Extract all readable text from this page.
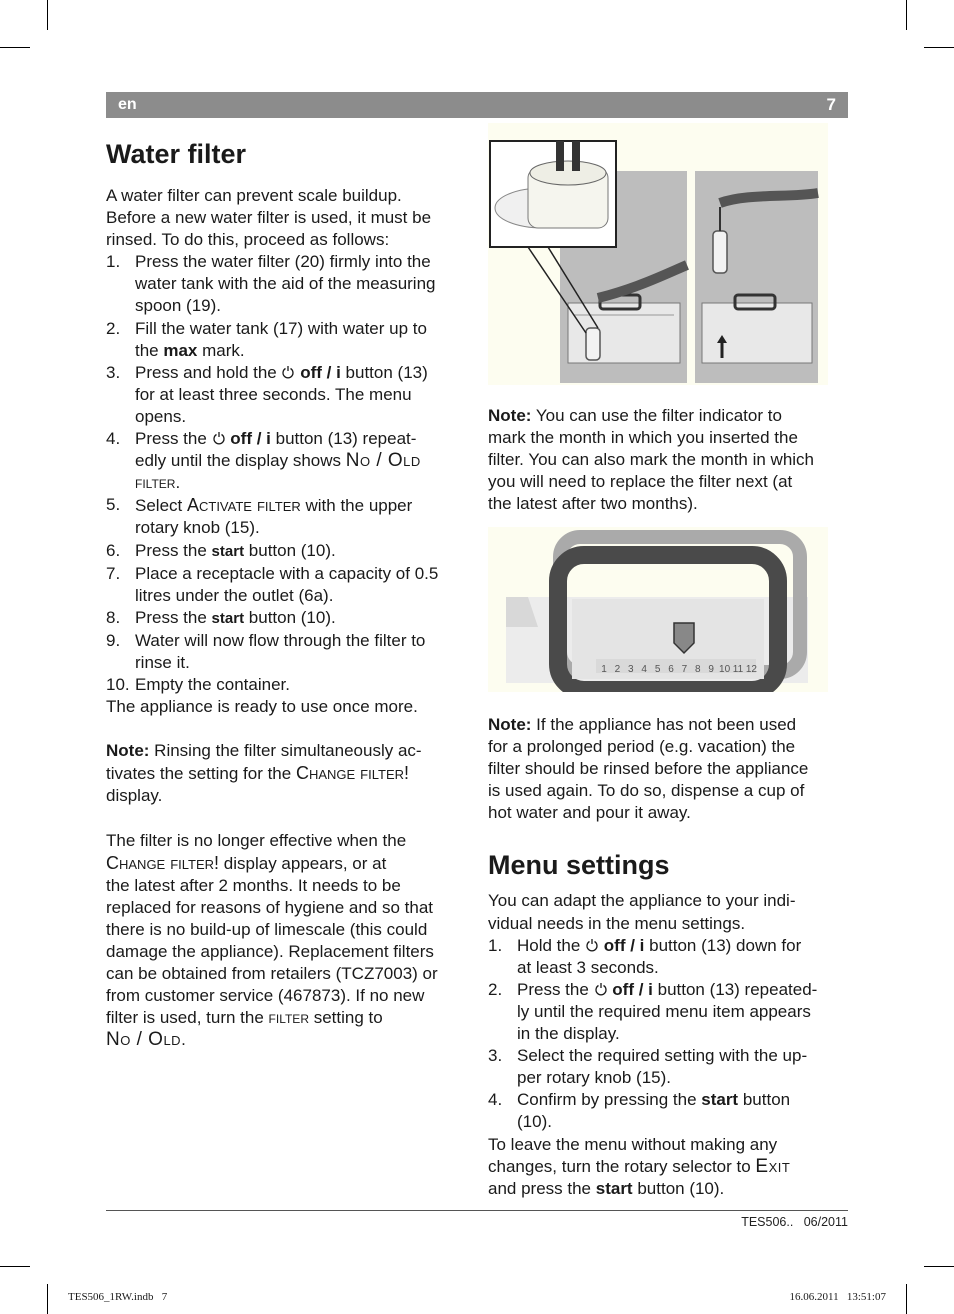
en	7
Water filter

A water filter can prevent scale buildup.

Before a new water filter is used, it must be

rinsed. To do this, proceed as follows:

1. Press the water filter (20) firmly into the
water tank with the aid of the measuring
spoon (19).
2. Fill the water tank (17) with water up to
the max mark.
3. Press and hold the  off / i button (13)
for at least three seconds. The menu
opens.
4. Press the  off / i button (13) repeat-
edly until the display shows No / Old
filter.
5. Select Activate filter with the upper
rotary knob (15).
6. Press the start button (10).
7. Place a receptacle with a capacity of 0.5
litres under the outlet (6a).
8. Press the start button (10).
9. Water will now flow through the filter to
rinse it.
10. Empty the container.

The appliance is ready to use once more.

Note: Rinsing the filter simultaneously ac-

tivates the setting for the Change filter!

display.

The filter is no longer effective when the

Change filter! display appears, or at

the latest after 2 months. It needs to be

replaced for reasons of hygiene and so that

there is no build-up of limescale (this could

damage the appliance). Replacement filters

can be obtained from retailers (TCZ7003) or

from customer service (467873). If no new

filter is used, turn the filter setting to

No / Old.

Note: You can use the filter indicator to

mark the month in which you inserted the

filter. You can also mark the month in which

you will need to replace the filter next (at

the latest after two months).

1 2 3 4 5 6 7 8 9 10 11 12

Note: If the appliance has not been used

for a prolonged period (e.g. vacation) the

filter should be rinsed before the appliance

is used again. To do so, dispense a cup of

hot water and pour it away.

Menu settings

You can adapt the appliance to your indi-

vidual needs in the menu settings.

1. Hold the  off / i button (13) down for
at least 3 seconds.
2. Press the  off / i button (13) repeated-
ly until the required menu item appears
in the display.
3. Select the required setting with the up-
per rotary knob (15).
4. Confirm by pressing the start button
(10).

To leave the menu without making any

changes, turn the rotary selector to Exit

and press the start button (10).

TES506..   06/2011
TES506_1RW.indb   7	16.06.2011   13:51:07
